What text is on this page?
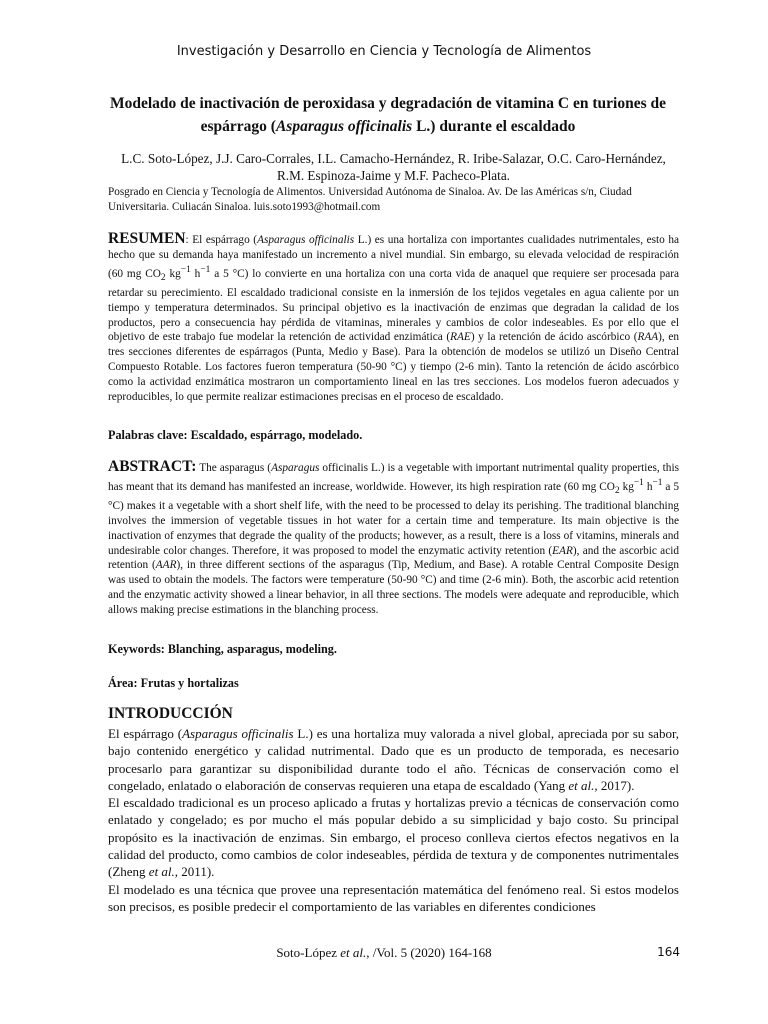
Investigación y Desarrollo en Ciencia y Tecnología de Alimentos
Modelado de inactivación de peroxidasa y degradación de vitamina C en turiones de espárrago (Asparagus officinalis L.) durante el escaldado
L.C. Soto-López, J.J. Caro-Corrales, I.L. Camacho-Hernández, R. Iribe-Salazar, O.C. Caro-Hernández,
R.M. Espinoza-Jaime y M.F. Pacheco-Plata.
Posgrado en Ciencia y Tecnología de Alimentos. Universidad Autónoma de Sinaloa. Av. De las Américas s/n, Ciudad Universitaria. Culiacán Sinaloa. luis.soto1993@hotmail.com
RESUMEN: El espárrago (Asparagus officinalis L.) es una hortaliza con importantes cualidades nutrimentales, esto ha hecho que su demanda haya manifestado un incremento a nivel mundial. Sin embargo, su elevada velocidad de respiración (60 mg $CO_2$ $kg^{-1}$ $h^{-1}$ a 5 °C) lo convierte en una hortaliza con una corta vida de anaquel que requiere ser procesada para retardar su perecimiento. El escaldado tradicional consiste en la inmersión de los tejidos vegetales en agua caliente por un tiempo y temperatura determinados. Su principal objetivo es la inactivación de enzimas que degradan la calidad de los productos, pero a consecuencia hay pérdida de vitaminas, minerales y cambios de color indeseables. Es por ello que el objetivo de este trabajo fue modelar la retención de actividad enzimática (RAE) y la retención de ácido ascórbico (RAA), en tres secciones diferentes de espárragos (Punta, Medio y Base). Para la obtención de modelos se utilizó un Diseño Central Compuesto Rotable. Los factores fueron temperatura (50-90 °C) y tiempo (2-6 min). Tanto la retención de ácido ascórbico como la actividad enzimática mostraron un comportamiento lineal en las tres secciones. Los modelos fueron adecuados y reproducibles, lo que permite realizar estimaciones precisas en el proceso de escaldado.
Palabras clave: Escaldado, espárrago, modelado.
ABSTRACT: The asparagus (Asparagus officinalis L.) is a vegetable with important nutrimental quality properties, this has meant that its demand has manifested an increase, worldwide. However, its high respiration rate (60 mg $CO_2$ $kg^{-1}$ $h^{-1}$ a 5 °C) makes it a vegetable with a short shelf life, with the need to be processed to delay its perishing. The traditional blanching involves the immersion of vegetable tissues in hot water for a certain time and temperature. Its main objective is the inactivation of enzymes that degrade the quality of the products; however, as a result, there is a loss of vitamins, minerals and undesirable color changes. Therefore, it was proposed to model the enzymatic activity retention (EAR), and the ascorbic acid retention (AAR), in three different sections of the asparagus (Tip, Medium, and Base). A rotable Central Composite Design was used to obtain the models. The factors were temperature (50-90 °C) and time (2-6 min). Both, the ascorbic acid retention and the enzymatic activity showed a linear behavior, in all three sections. The models were adequate and reproducible, which allows making precise estimations in the blanching process.
Keywords: Blanching, asparagus, modeling.
Área: Frutas y hortalizas
INTRODUCCIÓN

El espárrago (Asparagus officinalis L.) es una hortaliza muy valorada a nivel global, apreciada por su sabor, bajo contenido energético y calidad nutrimental. Dado que es un producto de temporada, es necesario procesarlo para garantizar su disponibilidad durante todo el año. Técnicas de conservación como el congelado, enlatado o elaboración de conservas requieren una etapa de escaldado (Yang et al., 2017).

El escaldado tradicional es un proceso aplicado a frutas y hortalizas previo a técnicas de conservación como enlatado y congelado; es por mucho el más popular debido a su simplicidad y bajo costo. Su principal propósito es la inactivación de enzimas. Sin embargo, el proceso conlleva ciertos efectos negativos en la calidad del producto, como cambios de color indeseables, pérdida de textura y de componentes nutrimentales (Zheng et al., 2011).

El modelado es una técnica que provee una representación matemática del fenómeno real. Si estos modelos son precisos, es posible predecir el comportamiento de las variables en diferentes condiciones

Soto-López et al., /Vol. 5 (2020) 164-168	164
